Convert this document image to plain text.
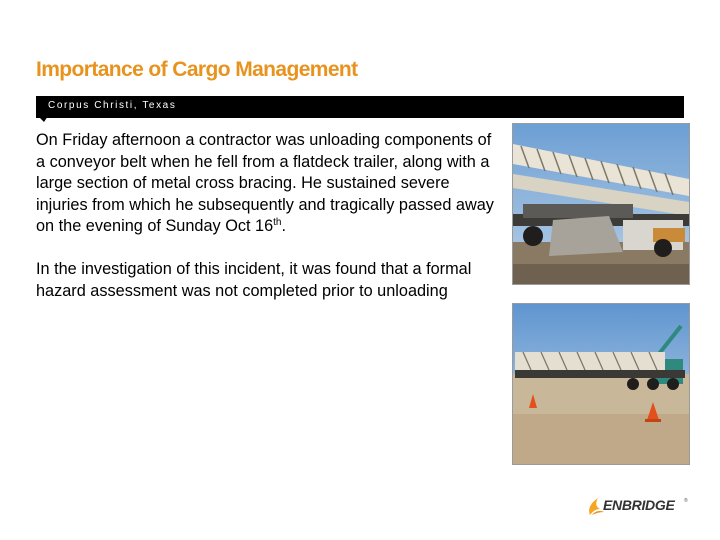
Importance of Cargo Management
Corpus Christi, Texas

On Friday afternoon a contractor was unloading components of a conveyor belt when he fell from a flatdeck trailer, along with a large section of metal cross bracing. He sustained severe injuries from which he subsequently and tragically passed away on the evening of Sunday Oct 16th.

In the investigation of this incident, it was found that a formal hazard assessment was not completed prior to unloading

ENBRIDGE ®
